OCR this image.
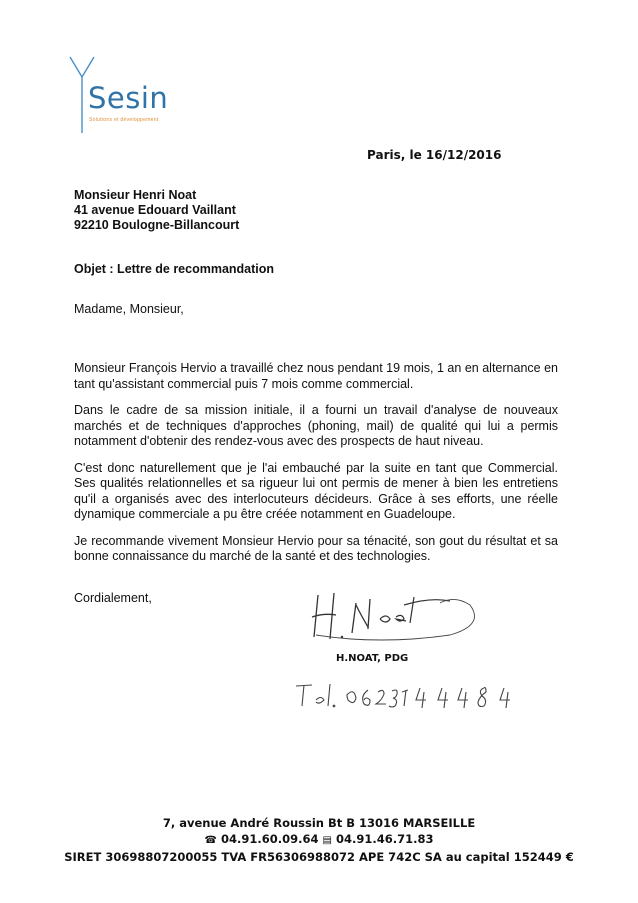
Sesin
Solutions et développement
Paris, le 16/12/2016
Monsieur Henri Noat
41 avenue Edouard Vaillant
92210 Boulogne-Billancourt
Objet : Lettre de recommandation
Madame, Monsieur,

Monsieur François Hervio a travaillé chez nous pendant 19 mois, 1 an en alternance en tant qu'assistant commercial puis 7 mois comme commercial.

Dans le cadre de sa mission initiale, il a fourni un travail d'analyse de nouveaux marchés et de techniques d'approches (phoning, mail) de qualité qui lui a permis notamment d'obtenir des rendez-vous avec des prospects de haut niveau.

C'est donc naturellement que je l'ai embauché par la suite en tant que Commercial. Ses qualités relationnelles et sa rigueur lui ont permis de mener à bien les entretiens qu'il a organisés avec des interlocuteurs décideurs. Grâce à ses efforts, une réelle dynamique commerciale a pu être créée notamment en Guadeloupe.

Je recommande vivement Monsieur Hervio pour sa ténacité, son gout du résultat et sa bonne connaissance du marché de la santé et des technologies.

Cordialement,
H.NOAT, PDG
7, avenue André Roussin Bt B 13016 MARSEILLE
☎ 04.91.60.09.64 ▤ 04.91.46.71.83
SIRET 30698807200055 TVA FR56306988072 APE 742C SA au capital 152449 €
